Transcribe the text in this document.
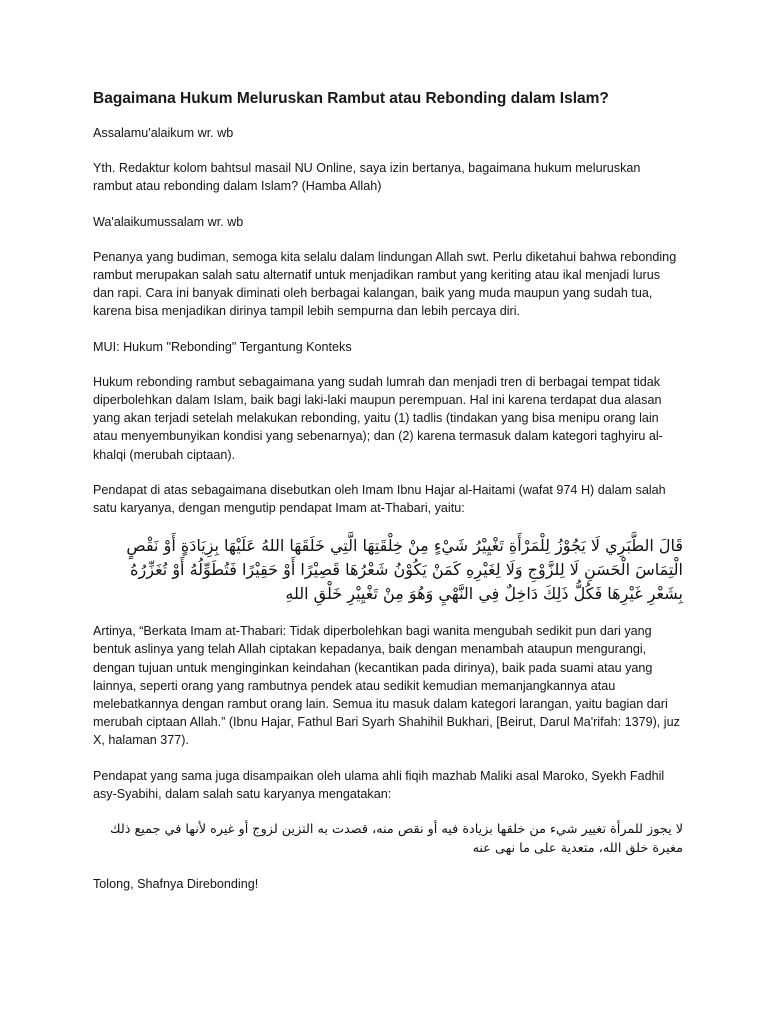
Bagaimana Hukum Meluruskan Rambut atau Rebonding dalam Islam?

Assalamu'alaikum wr. wb

Yth. Redaktur kolom bahtsul masail NU Online, saya izin bertanya, bagaimana hukum meluruskan rambut atau rebonding dalam Islam? (Hamba Allah)

Wa'alaikumussalam wr. wb

Penanya yang budiman, semoga kita selalu dalam lindungan Allah swt. Perlu diketahui bahwa rebonding rambut merupakan salah satu alternatif untuk menjadikan rambut yang keriting atau ikal menjadi lurus dan rapi. Cara ini banyak diminati oleh berbagai kalangan, baik yang muda maupun yang sudah tua, karena bisa menjadikan dirinya tampil lebih sempurna dan lebih percaya diri.

MUI: Hukum "Rebonding" Tergantung Konteks

Hukum rebonding rambut sebagaimana yang sudah lumrah dan menjadi tren di berbagai tempat tidak diperbolehkan dalam Islam, baik bagi laki-laki maupun perempuan. Hal ini karena terdapat dua alasan yang akan terjadi setelah melakukan rebonding, yaitu (1) tadlis (tindakan yang bisa menipu orang lain atau menyembunyikan kondisi yang sebenarnya); dan (2) karena termasuk dalam kategori taghyiru al-khalqi (merubah ciptaan).

Pendapat di atas sebagaimana disebutkan oleh Imam Ibnu Hajar al-Haitami (wafat 974 H) dalam salah satu karyanya, dengan mengutip pendapat Imam at-Thabari, yaitu:

قَالَ الطَّبَرِي لَا يَجُوْزُ لِلْمَرْأَةِ تَغْيِيْرُ شَيْءٍ مِنْ خِلْقَتِهَا الَّتِي خَلَقَهَا اللهُ عَلَيْهَا بِزِيَادَةٍ أَوْ نَقْصٍ الْتِمَاسَ الْحَسَنِ لَا لِلزَّوْجِ وَلَا لِغَيْرِهِ كَمَنْ يَكُوْنُ شَعْرُهَا قَصِيْرًا أَوْ حَقِيْرًا فَتُطَوِّلُهُ أَوْ تُغَزِّرُهُ بِشَعْرِ غَيْرِهَا فَكُلُّ ذَلِكَ دَاخِلٌ فِي النَّهْيِ وَهُوَ مِنْ تَغْيِيْرِ خَلْقِ اللهِ

Artinya, “Berkata Imam at-Thabari: Tidak diperbolehkan bagi wanita mengubah sedikit pun dari yang bentuk aslinya yang telah Allah ciptakan kepadanya, baik dengan menambah ataupun mengurangi, dengan tujuan untuk menginginkan keindahan (kecantikan pada dirinya), baik pada suami atau yang lainnya, seperti orang yang rambutnya pendek atau sedikit kemudian memanjangkannya atau melebatkannya dengan rambut orang lain. Semua itu masuk dalam kategori larangan, yaitu bagian dari merubah ciptaan Allah.” (Ibnu Hajar, Fathul Bari Syarh Shahihil Bukhari, [Beirut, Darul Ma'rifah: 1379), juz X, halaman 377).

Pendapat yang sama juga disampaikan oleh ulama ahli fiqih mazhab Maliki asal Maroko, Syekh Fadhil asy-Syabihi, dalam salah satu karyanya mengatakan:

لا يجوز للمرأة تغيير شيء من خلقها بزيادة فيه أو نقص منه، قصدت به التزين لزوج أو غيره لأنها في جميع ذلك مغيرة خلق الله، متعدية على ما نهى عنه

Tolong, Shafnya Direbonding!
